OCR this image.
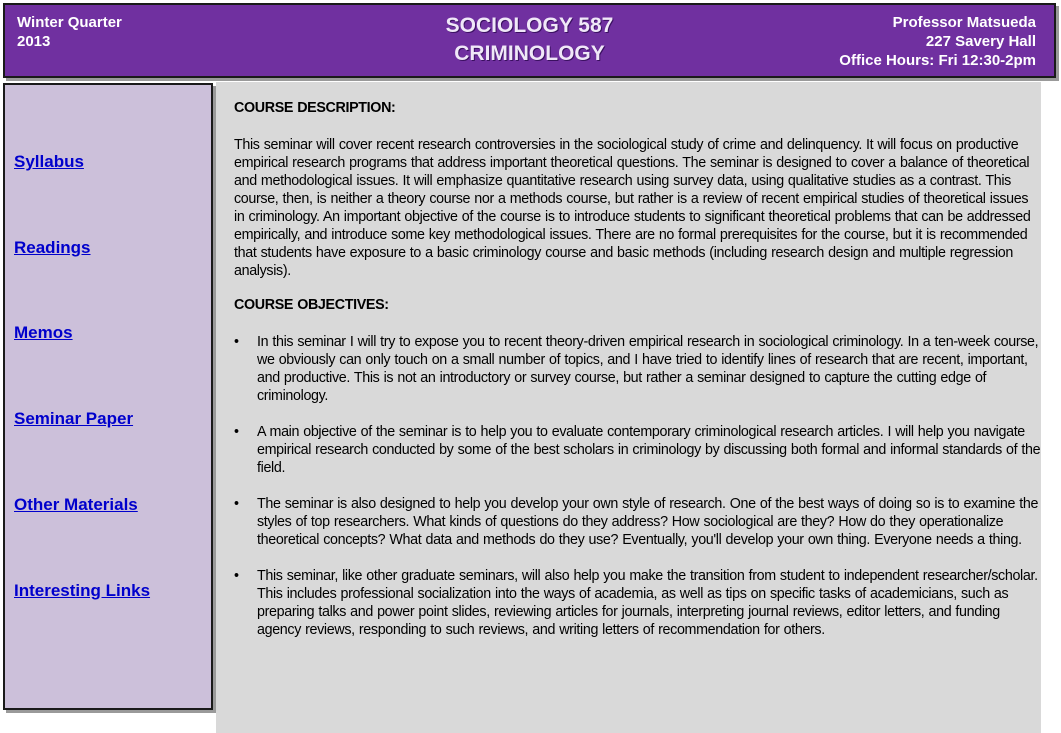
Winter Quarter
2013
SOCIOLOGY 587
CRIMINOLOGY
Professor Matsueda
227 Savery Hall
Office Hours: Fri 12:30-2pm
Syllabus
Readings
Memos
Seminar Paper
Other Materials
Interesting Links
COURSE DESCRIPTION:
This seminar will cover recent research controversies in the sociological study of crime and delinquency. It will focus on productive empirical research programs that address important theoretical questions. The seminar is designed to cover a balance of theoretical and methodological issues. It will emphasize quantitative research using survey data, using qualitative studies as a contrast. This course, then, is neither a theory course nor a methods course, but rather is a review of recent empirical studies of theoretical issues in criminology. An important objective of the course is to introduce students to significant theoretical problems that can be addressed empirically, and introduce some key methodological issues. There are no formal prerequisites for the course, but it is recommended that students have exposure to a basic criminology course and basic methods (including research design and multiple regression analysis).
COURSE OBJECTIVES:
• In this seminar I will try to expose you to recent theory-driven empirical research in sociological criminology. In a ten-week course, we obviously can only touch on a small number of topics, and I have tried to identify lines of research that are recent, important, and productive. This is not an introductory or survey course, but rather a seminar designed to capture the cutting edge of criminology.
• A main objective of the seminar is to help you to evaluate contemporary criminological research articles. I will help you navigate empirical research conducted by some of the best scholars in criminology by discussing both formal and informal standards of the field.
• The seminar is also designed to help you develop your own style of research. One of the best ways of doing so is to examine the styles of top researchers. What kinds of questions do they address? How sociological are they? How do they operationalize theoretical concepts? What data and methods do they use? Eventually, you'll develop your own thing. Everyone needs a thing.
• This seminar, like other graduate seminars, will also help you make the transition from student to independent researcher/scholar. This includes professional socialization into the ways of academia, as well as tips on specific tasks of academicians, such as preparing talks and power point slides, reviewing articles for journals, interpreting journal reviews, editor letters, and funding agency reviews, responding to such reviews, and writing letters of recommendation for others.
